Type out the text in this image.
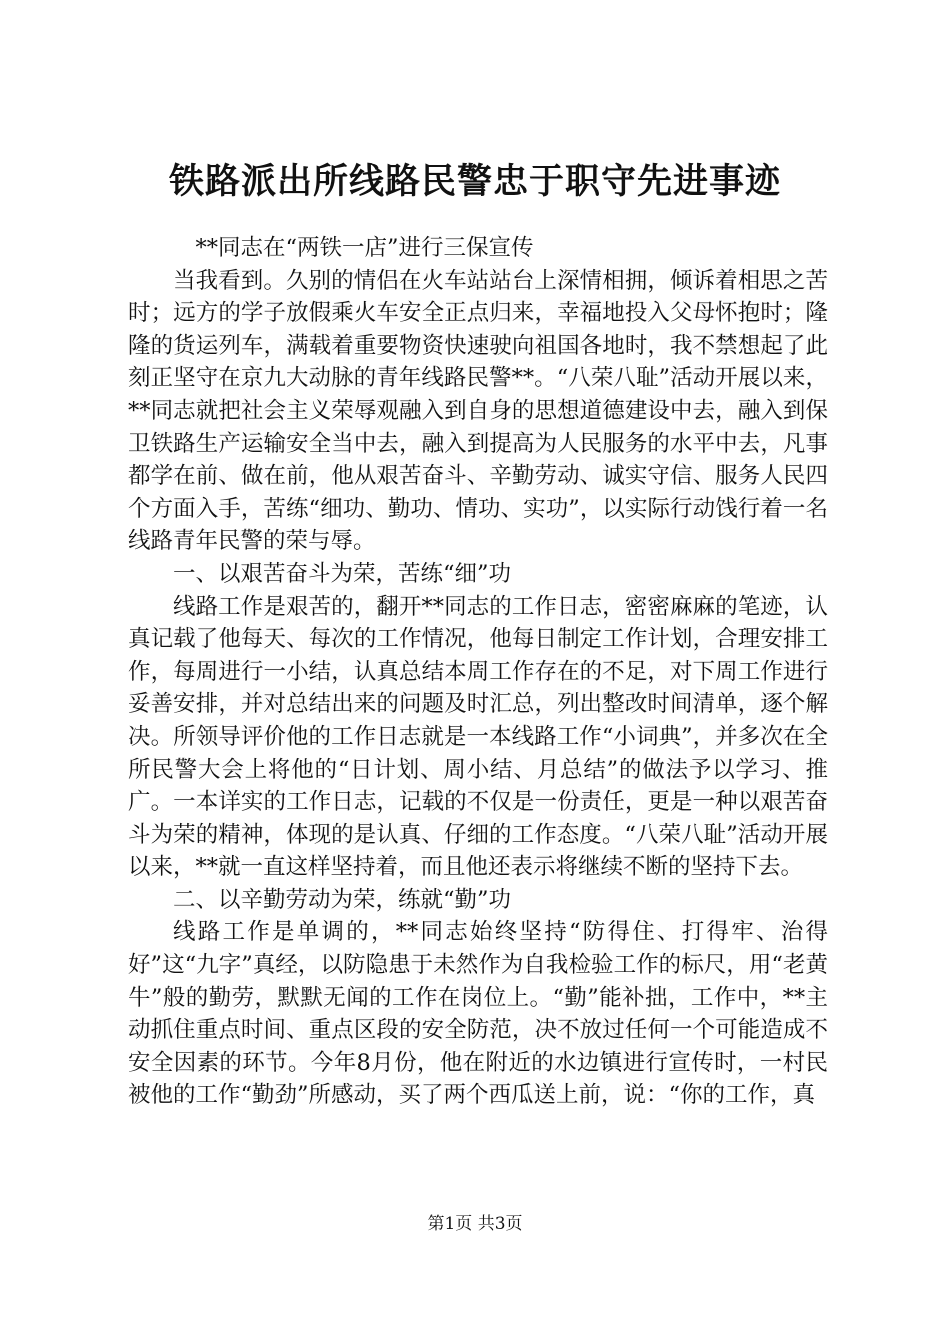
铁路派出所线路民警忠于职守先进事迹

**同志在“两铁一店”进行三保宣传

当我看到。久别的情侣在火车站站台上深情相拥，倾诉着相思之苦时；远方的学子放假乘火车安全正点归来，幸福地投入父母怀抱时；隆隆的货运列车，满载着重要物资快速驶向祖国各地时，我不禁想起了此刻正坚守在京九大动脉的青年线路民警**。“八荣八耻”活动开展以来，**同志就把社会主义荣辱观融入到自身的思想道德建设中去，融入到保卫铁路生产运输安全当中去，融入到提高为人民服务的水平中去，凡事都学在前、做在前，他从艰苦奋斗、辛勤劳动、诚实守信、服务人民四个方面入手，苦练“细功、勤功、情功、实功”，以实际行动饯行着一名线路青年民警的荣与辱。

一、以艰苦奋斗为荣，苦练“细”功

线路工作是艰苦的，翻开**同志的工作日志，密密麻麻的笔迹，认真记载了他每天、每次的工作情况，他每日制定工作计划，合理安排工作，每周进行一小结，认真总结本周工作存在的不足，对下周工作进行妥善安排，并对总结出来的问题及时汇总，列出整改时间清单，逐个解决。所领导评价他的工作日志就是一本线路工作“小词典”，并多次在全所民警大会上将他的“日计划、周小结、月总结”的做法予以学习、推广。一本详实的工作日志，记载的不仅是一份责任，更是一种以艰苦奋斗为荣的精神，体现的是认真、仔细的工作态度。“八荣八耻”活动开展以来，**就一直这样坚持着，而且他还表示将继续不断的坚持下去。

二、以辛勤劳动为荣，练就“勤”功

线路工作是单调的，**同志始终坚持“防得住、打得牢、治得好”这“九字”真经，以防隐患于未然作为自我检验工作的标尺，用“老黄牛”般的勤劳，默默无闻的工作在岗位上。“勤”能补拙，工作中，**主动抓住重点时间、重点区段的安全防范，决不放过任何一个可能造成不安全因素的环节。今年8月份，他在附近的水边镇进行宣传时，一村民被他的工作“勤劲”所感动，买了两个西瓜送上前，说：“你的工作，真

第1页 共3页
